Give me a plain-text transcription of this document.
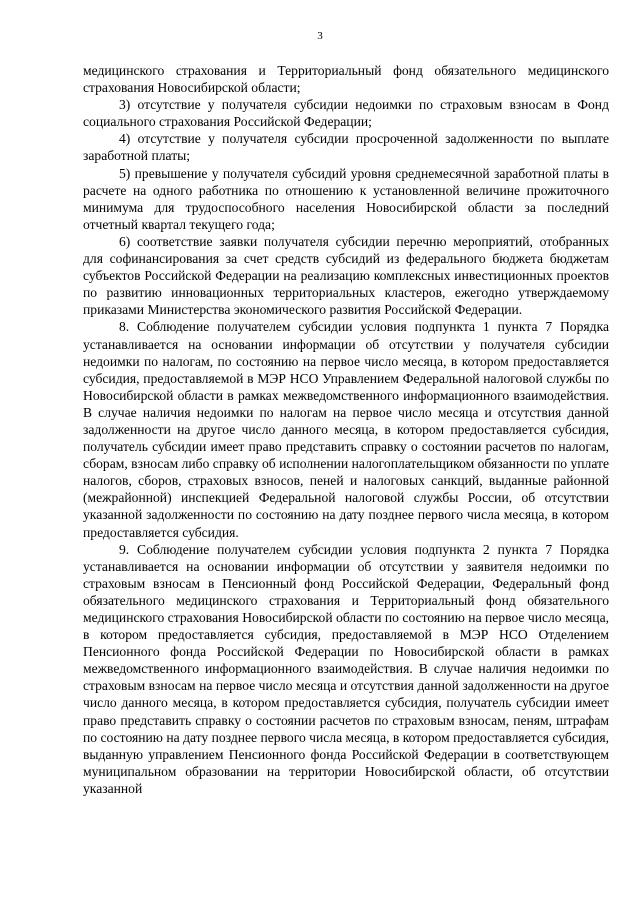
3

медицинского страхования и Территориальный фонд обязательного медицинского страхования Новосибирской области;

3) отсутствие у получателя субсидии недоимки по страховым взносам в Фонд социального страхования Российской Федерации;

4) отсутствие у получателя субсидии просроченной задолженности по выплате заработной платы;

5) превышение у получателя субсидий уровня среднемесячной заработной платы в расчете на одного работника по отношению к установленной величине прожиточного минимума для трудоспособного населения Новосибирской области за последний отчетный квартал текущего года;

6) соответствие заявки получателя субсидии перечню мероприятий, отобранных для софинансирования за счет средств субсидий из федерального бюджета бюджетам субъектов Российской Федерации на реализацию комплексных инвестиционных проектов по развитию инновационных территориальных кластеров, ежегодно утверждаемому приказами Министерства экономического развития Российской Федерации.

8. Соблюдение получателем субсидии условия подпункта 1 пункта 7 Порядка устанавливается на основании информации об отсутствии у получателя субсидии недоимки по налогам, по состоянию на первое число месяца, в котором предоставляется субсидия, предоставляемой в МЭР НСО Управлением Федеральной налоговой службы по Новосибирской области в рамках межведомственного информационного взаимодействия. В случае наличия недоимки по налогам на первое число месяца и отсутствия данной задолженности на другое число данного месяца, в котором предоставляется субсидия, получатель субсидии имеет право представить справку о состоянии расчетов по налогам, сборам, взносам либо справку об исполнении налогоплательщиком обязанности по уплате налогов, сборов, страховых взносов, пеней и налоговых санкций, выданные районной (межрайонной) инспекцией Федеральной налоговой службы России, об отсутствии указанной задолженности по состоянию на дату позднее первого числа месяца, в котором предоставляется субсидия.

9. Соблюдение получателем субсидии условия подпункта 2 пункта 7 Порядка устанавливается на основании информации об отсутствии у заявителя недоимки по страховым взносам в Пенсионный фонд Российской Федерации, Федеральный фонд обязательного медицинского страхования и Территориальный фонд обязательного медицинского страхования Новосибирской области по состоянию на первое число месяца, в котором предоставляется субсидия, предоставляемой в МЭР НСО Отделением Пенсионного фонда Российской Федерации по Новосибирской области в рамках межведомственного информационного взаимодействия. В случае наличия недоимки по страховым взносам на первое число месяца и отсутствия данной задолженности на другое число данного месяца, в котором предоставляется субсидия, получатель субсидии имеет право представить справку о состоянии расчетов по страховым взносам, пеням, штрафам по состоянию на дату позднее первого числа месяца, в котором предоставляется субсидия, выданную управлением Пенсионного фонда Российской Федерации в соответствующем муниципальном образовании на территории Новосибирской области, об отсутствии указанной
